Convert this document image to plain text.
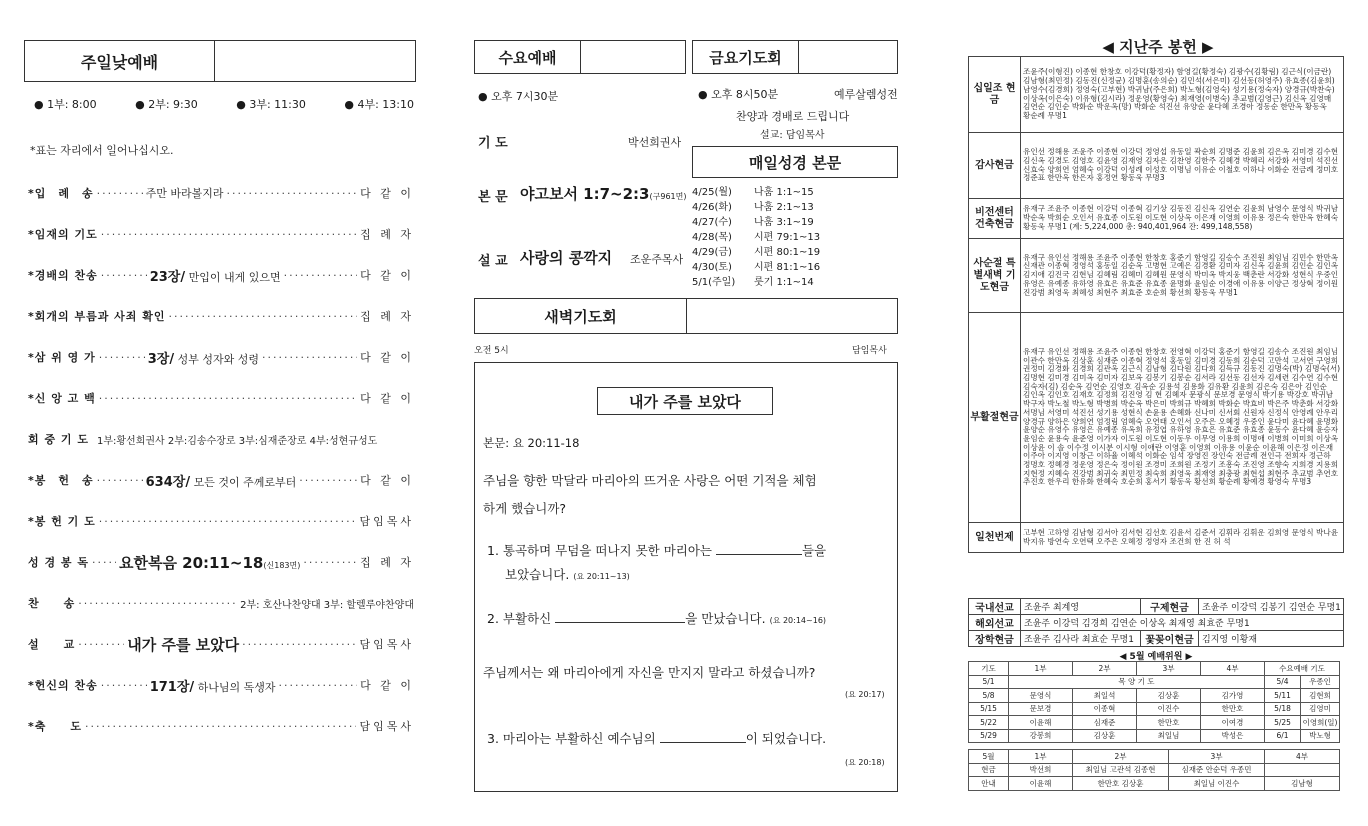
주일낮예배
● 1부: 8:00	● 2부: 9:30	● 3부: 11:30	● 4부: 13:10
*표는 자리에서 일어나십시오.
*입　례　송 ·····	주만 바라볼지라 ·····	다 같 이
*임재의 기도 ·····	집 례 자
*경배의 찬송 ·····	23장/ 만입이 내게 있으면 ·····	다 같 이
*회개의 부름과 사죄 확인 ·····	집 례 자
*삼 위 영 가 ·····	3장/ 성부 성자와 성령 ·····	다 같 이
*신 앙 고 백 ·····	다 같 이
회 중 기 도 1부:황선희권사 2부:김송수장로 3부:심재준장로 4부:성현규성도
*봉　헌　송 ·····	634장/ 모든 것이 주께로부터 ·····	다 같 이
*봉 헌 기 도 ·····	담임목사
성 경 봉 독 ····· 요한복음 20:11~18(신183면) ·····	집 례 자
찬　　송 ·····	2부: 호산나찬양대 3부: 할렐루야찬양대
설　　교 ·····	내가 주를 보았다 ·····	담임목사
*헌신의 찬송 ·····	171장/ 하나님의 독생자 ·····	다 같 이
*축　　도 ·····	담임목사
수요예배
● 오후 7시30분
기 도	박선희권사
본 문 야고보서 1:7~2:3(구961면)
설 교 사랑의 콩깍지 조운주목사
금요기도회
● 오후 8시50분	예루살렘성전
찬양과 경배로 드립니다
설교: 담임목사
매일성경 본문
4/25(월) 나훔 1:1~15
4/26(화) 나훔 2:1~13
4/27(수) 나훔 3:1~19
4/28(목) 시편 79:1~13
4/29(금) 시편 80:1~19
4/30(토) 시편 81:1~16
5/1(주일) 룻기 1:1~14
새벽기도회
오전 5시	담임목사
내가 주를 보았다
본문: 요 20:11-18
주님을 향한 막달라 마리아의 뜨거운 사랑은 어떤 기적을 체험
하게 했습니까?
1. 통곡하며 무덤을 떠나지 못한 마리아는	들을
보았습니다. (요 20:11~13)
2. 부활하신	을 만났습니다. (요 20:14~16)
주님께서는 왜 마리아에게 자신을 만지지 말라고 하셨습니까?
(요 20:17)
3. 마리아는 부활하신 예수님의	이 되었습니다.
(요 20:18)
◀ 지난주 봉헌 ▶
십일조 현금	조윤주(이형진) 이종현 한창호 이강덕(황정자) 함영길(황정숙) 김광수(김황림) 김근식(이금란) 김남형(최민정) 김동진(신정균) 김명훈(송의순) 김민석(서은미) 김선동(허영주) 유효종(김윤희) 남영수(김경희) 정영숙(고부현) 박귀남(주은희) 박노형(김영숙) 성기용(정숙자) 양경규(박찬숙) 이상옥(이은숙) 이유형(김시라) 정운영(황영숙) 최재영(이병숙) 추교범(김영근) 김신옥 김영매 김연순 김인순 박화순 박운옥(망) 박화순 석진선 유양순 윤다혜 조경아 정동순 한만옥 황동욱 황순례 무명1
감사현금	유인선 정해용 조윤주 이종현 이강덕 정영섭 유동일 곽순희 김명준 김윤희 김은옥 김미경 김수현 김신옥 김경도 김영호 김윤영 김재영 김자은 김찬영 김한주 김혜경 박혜리 서강화 서영미 석진선 신효숙 양희연 엄혜숙 이강덕 이성례 이성호 이명님 이유순 이철호 이하나 이화순 전금례 정미호 정준표 한만옥 한은자 홍정연 황동욱 무명3
비전센터 건축현금	유재구 조윤주 이종현 이강덕 이종혁 김기상 김동진 김신옥 김연순 김윤희 남영수 문영식 박귀남 박순옥 박희순 오인서 유효종 이도원 이도현 이상옥 이은재 이영희 이유용 정은숙 한만옥 한혜숙 황동욱 무명1 (계: 5,224,000 총: 940,401,964 잔: 499,148,558)
사순절 특별새벽 기도현금	유재구 유인선 정해용 조윤주 이종현 한창호 홍준기 함영길 김승수 조진원 최임님 김민수 한만옥 신재관 이종혁 정영석 홍동일 김순옥 고병현 고예은 김경환 김미자 김신옥 김윤희 김인순 김인옥 김지애 김진국 김현님 김혜림 김혜미 김혜원 문영식 박미옥 박지웅 백춘란 서강화 성현식 우중인 유영은 유예종 유하영 유효은 유효준 유효종 윤명화 윤임순 이경애 이유용 이양근 정상혁 정이원 진강범 최영욱 최혜성 최현주 최효준 호순희 황선희 황동욱 무명1
부활절현금	유재구 유인선 정해용 조윤주 이종현 한창호 전영혁 이강덕 홍준기 함영길 김송수 조진원 최임님 이관수 한만옥 김상훈 심재준 이종혁 정영석 홍동일 김미경 김동희 김순덕 고만석 고서연 구영희 권정미 김경화 김경희 김관옥 김근식 김남형 김다원 김다희 김득규 김동진 김명숙(박) 김명숙(서) 김명현 김미경 김미옥 김미자 김보옥 김봉기 김봉순 김서라 김선동 김선자 김세련 김수연 김수현 김숙자(김) 김순옥 김연순 김영호 김옥순 김용석 김용화 김유환 김윤희 김은숙 김은아 김인순 김인옥 김인호 김재호 김정희 김진영 김 현 김혜자 문광식 문보경 문영식 박기용 박강호 박귀남 박구자 박노철 박노형 박병희 박순옥 박은미 박희규 박혜희 박화순 박효비 박은주 박춘화 서강화 서명님 서영미 석진선 성기용 성현식 손윤용 손혜화 신나미 신서회 신원자 신정식 안영례 안우리 양경규 양하은 양희연 엄정림 엄혜숙 오연태 오인서 오주은 오혜정 우중인 윤다미 윤다혜 윤명화 윤양순 유영수 유영은 유예종 유옥희 유정엽 유하영 유효은 유효준 유효종 윤동수 윤다혜 윤승자 윤임순 윤용숙 윤준영 이가자 이도원 이도현 이동우 이무영 이용희 이명애 이병희 이미희 이상옥 이상윤 이 솔 이수정 이시분 이시형 이애란 이영훈 이영희 이유용 이윤순 이윤해 이은정 이은재 이주아 이지영 이창근 이하율 이혜석 이화순 임석 장영진 장인숙 전금례 전인극 전희자 정근하 정명호 정혜경 정운영 정은숙 정이원 조경미 조희원 조정기 조흥숙 조진영 조향숙 지희경 지용희 지현정 지혜숙 진강범 최귀숙 최민정 최숙희 최영욱 최재영 최충광 최현섭 최현주 추교범 추연호 추진호 한우리 한유화 한혜숙 호순희 홍서기 황동욱 황선희 황순례 황예경 황영숙 무명3
일천번제	고부현 고하영 김남형 김서아 김서현 김선호 김윤서 김준서 김휘라 김휘운 김희영 문영식 박나윤 박지유 방연숙 오연택 오주은 오혜정 정영자 조건희 한 진 허 석
국내선교	조윤주 최계영	구제현금	조윤주 이강덕 김봉기 김연순 무명1
해외선교	조윤주 이강덕 김경희 김연순 이상옥 최재영 최효준 무명1		
장학현금	조윤주 김사라 최효순 무명1	꽃꽂이현금	김지영 이황재
◀ 5월 예배위원 ▶
기도	1부	2부	3부	4부	수요예배 기도	
5/1	목 양 기 도				5/4	우종인
5/8	문영식	최일석	김상훈	김가영	5/11	김현희
5/15	문보경	이종혁	이진수	한만호	5/18	김영미
5/22	이윤해	심재준	한만호	이여경	5/25	이영희(일)
5/29	강봉희	김상훈	최일님	박성은	6/1	박노형
5월	1부	2부	3부	4부
현금	박선희	최일님 고관석 김종현	심재준 안순덕 우종민	
안내	이윤해	한만호 김상훈	최일님 이진수	김남형
